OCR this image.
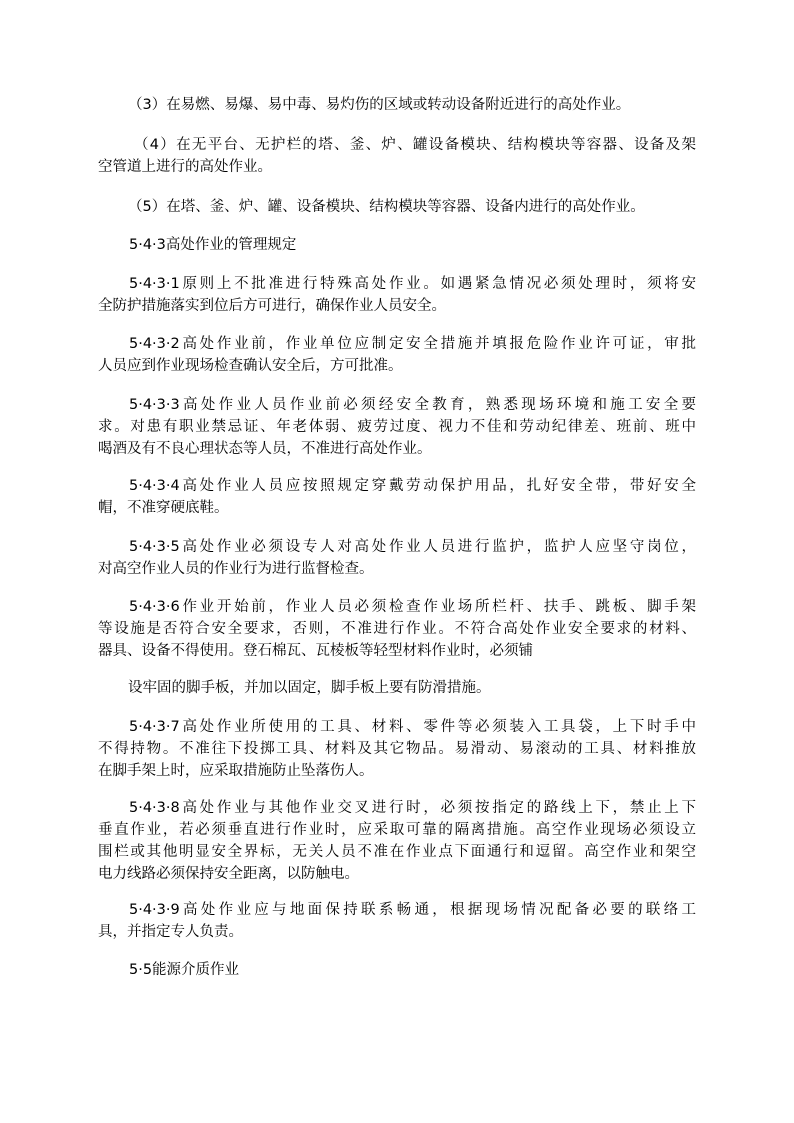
（3）在易燃、易爆、易中毒、易灼伤的区域或转动设备附近进行的高处作业。

（4）在无平台、无护栏的塔、釜、炉、罐设备模块、结构模块等容器、设备及架
空管道上进行的高处作业。

（5）在塔、釜、炉、罐、设备模块、结构模块等容器、设备内进行的高处作业。

5·4·3高处作业的管理规定

5·4·3·1原则上不批准进行特殊高处作业。如遇紧急情况必须处理时，须将安
全防护措施落实到位后方可进行，确保作业人员安全。

5·4·3·2高处作业前，作业单位应制定安全措施并填报危险作业许可证，审批
人员应到作业现场检查确认安全后，方可批准。

5·4·3·3高处作业人员作业前必须经安全教育，熟悉现场环境和施工安全要
求。对患有职业禁忌证、年老体弱、疲劳过度、视力不佳和劳动纪律差、班前、班中
喝酒及有不良心理状态等人员，不准进行高处作业。

5·4·3·4高处作业人员应按照规定穿戴劳动保护用品，扎好安全带，带好安全
帽，不准穿硬底鞋。

5·4·3·5高处作业必须设专人对高处作业人员进行监护，监护人应坚守岗位，
对高空作业人员的作业行为进行监督检查。

5·4·3·6作业开始前，作业人员必须检查作业场所栏杆、扶手、跳板、脚手架
等设施是否符合安全要求，否则，不准进行作业。不符合高处作业安全要求的材料、
器具、设备不得使用。登石棉瓦、瓦棱板等轻型材料作业时，必须铺

设牢固的脚手板，并加以固定，脚手板上要有防滑措施。

5·4·3·7高处作业所使用的工具、材料、零件等必须装入工具袋，上下时手中
不得持物。不准往下投掷工具、材料及其它物品。易滑动、易滚动的工具、材料推放
在脚手架上时，应采取措施防止坠落伤人。

5·4·3·8高处作业与其他作业交叉进行时，必须按指定的路线上下，禁止上下
垂直作业，若必须垂直进行作业时，应采取可靠的隔离措施。高空作业现场必须设立
围栏或其他明显安全界标，无关人员不准在作业点下面通行和逗留。高空作业和架空
电力线路必须保持安全距离，以防触电。

5·4·3·9高处作业应与地面保持联系畅通，根据现场情况配备必要的联络工
具，并指定专人负责。

5·5能源介质作业
